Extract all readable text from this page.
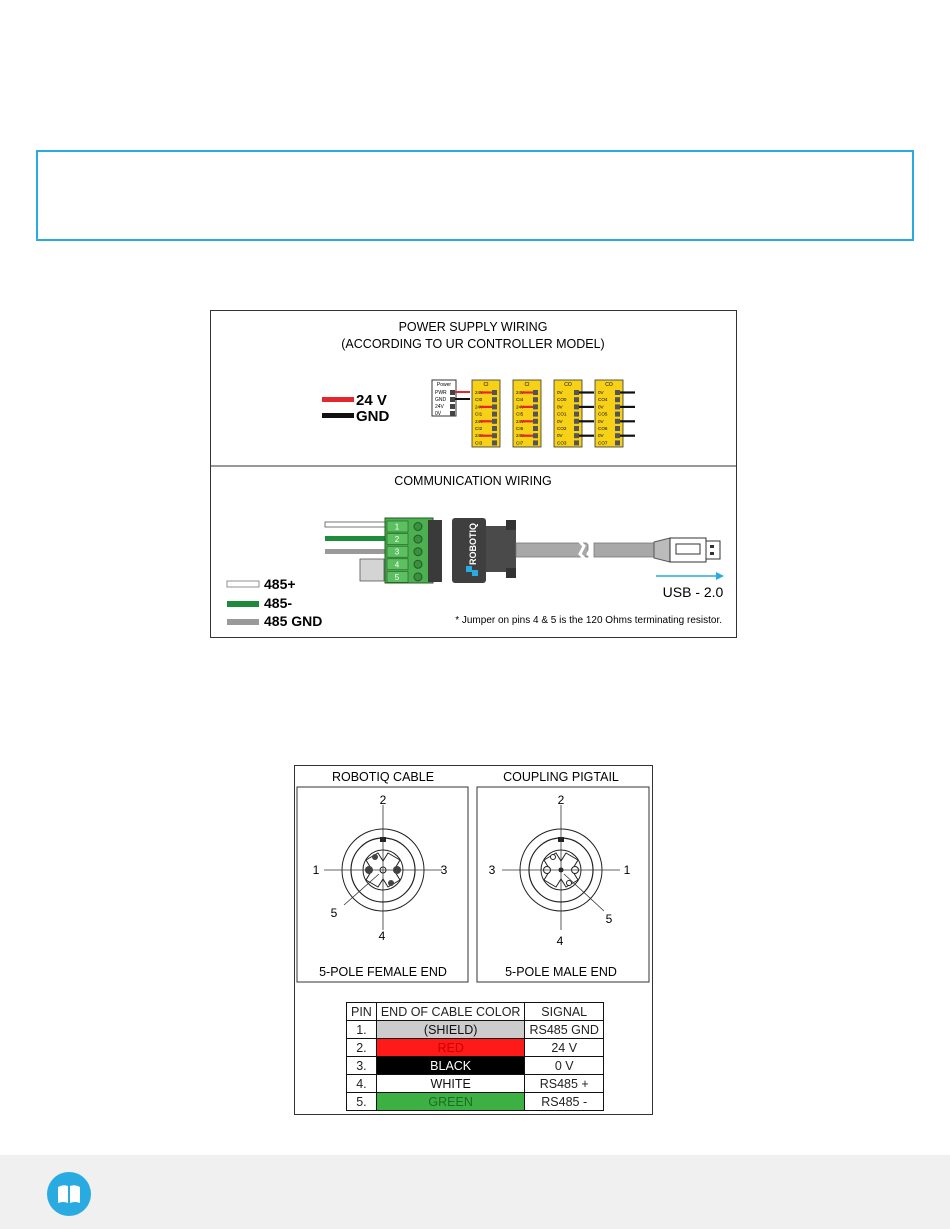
POWER SUPPLY WIRING
(ACCORDING TO UR CONTROLLER MODEL)
24 V
GND
Power
PWR
GND
24V
0V
CI
24V
CI0
24V
CI1
24V
CI2
24V
CI3
CI
24V
CI4
24V
CI5
24V
CI6
24V
CI7
CO
0V
CO0
0V
CO1
0V
CO2
0V
CO3
CO
0V
CO4
0V
CO5
0V
CO6
0V
CO7
COMMUNICATION WIRING
1
2
3
4
5
ROBOTIQ
USB - 2.0
485+
485-
485 GND	* Jumper on pins 4 & 5 is the 120 Ohms terminating resistor.
ROBOTIQ CABLE	COUPLING PIGTAIL
2
1	3
5
4
5-POLE FEMALE END
2
3	1
5
4
5-POLE MALE END
PIN	END OF CABLE COLOR	SIGNAL
1.	(SHIELD)	RS485 GND
2.	RED	24 V
3.	BLACK	0 V
4.	WHITE	RS485 +
5.	GREEN	RS485 -
